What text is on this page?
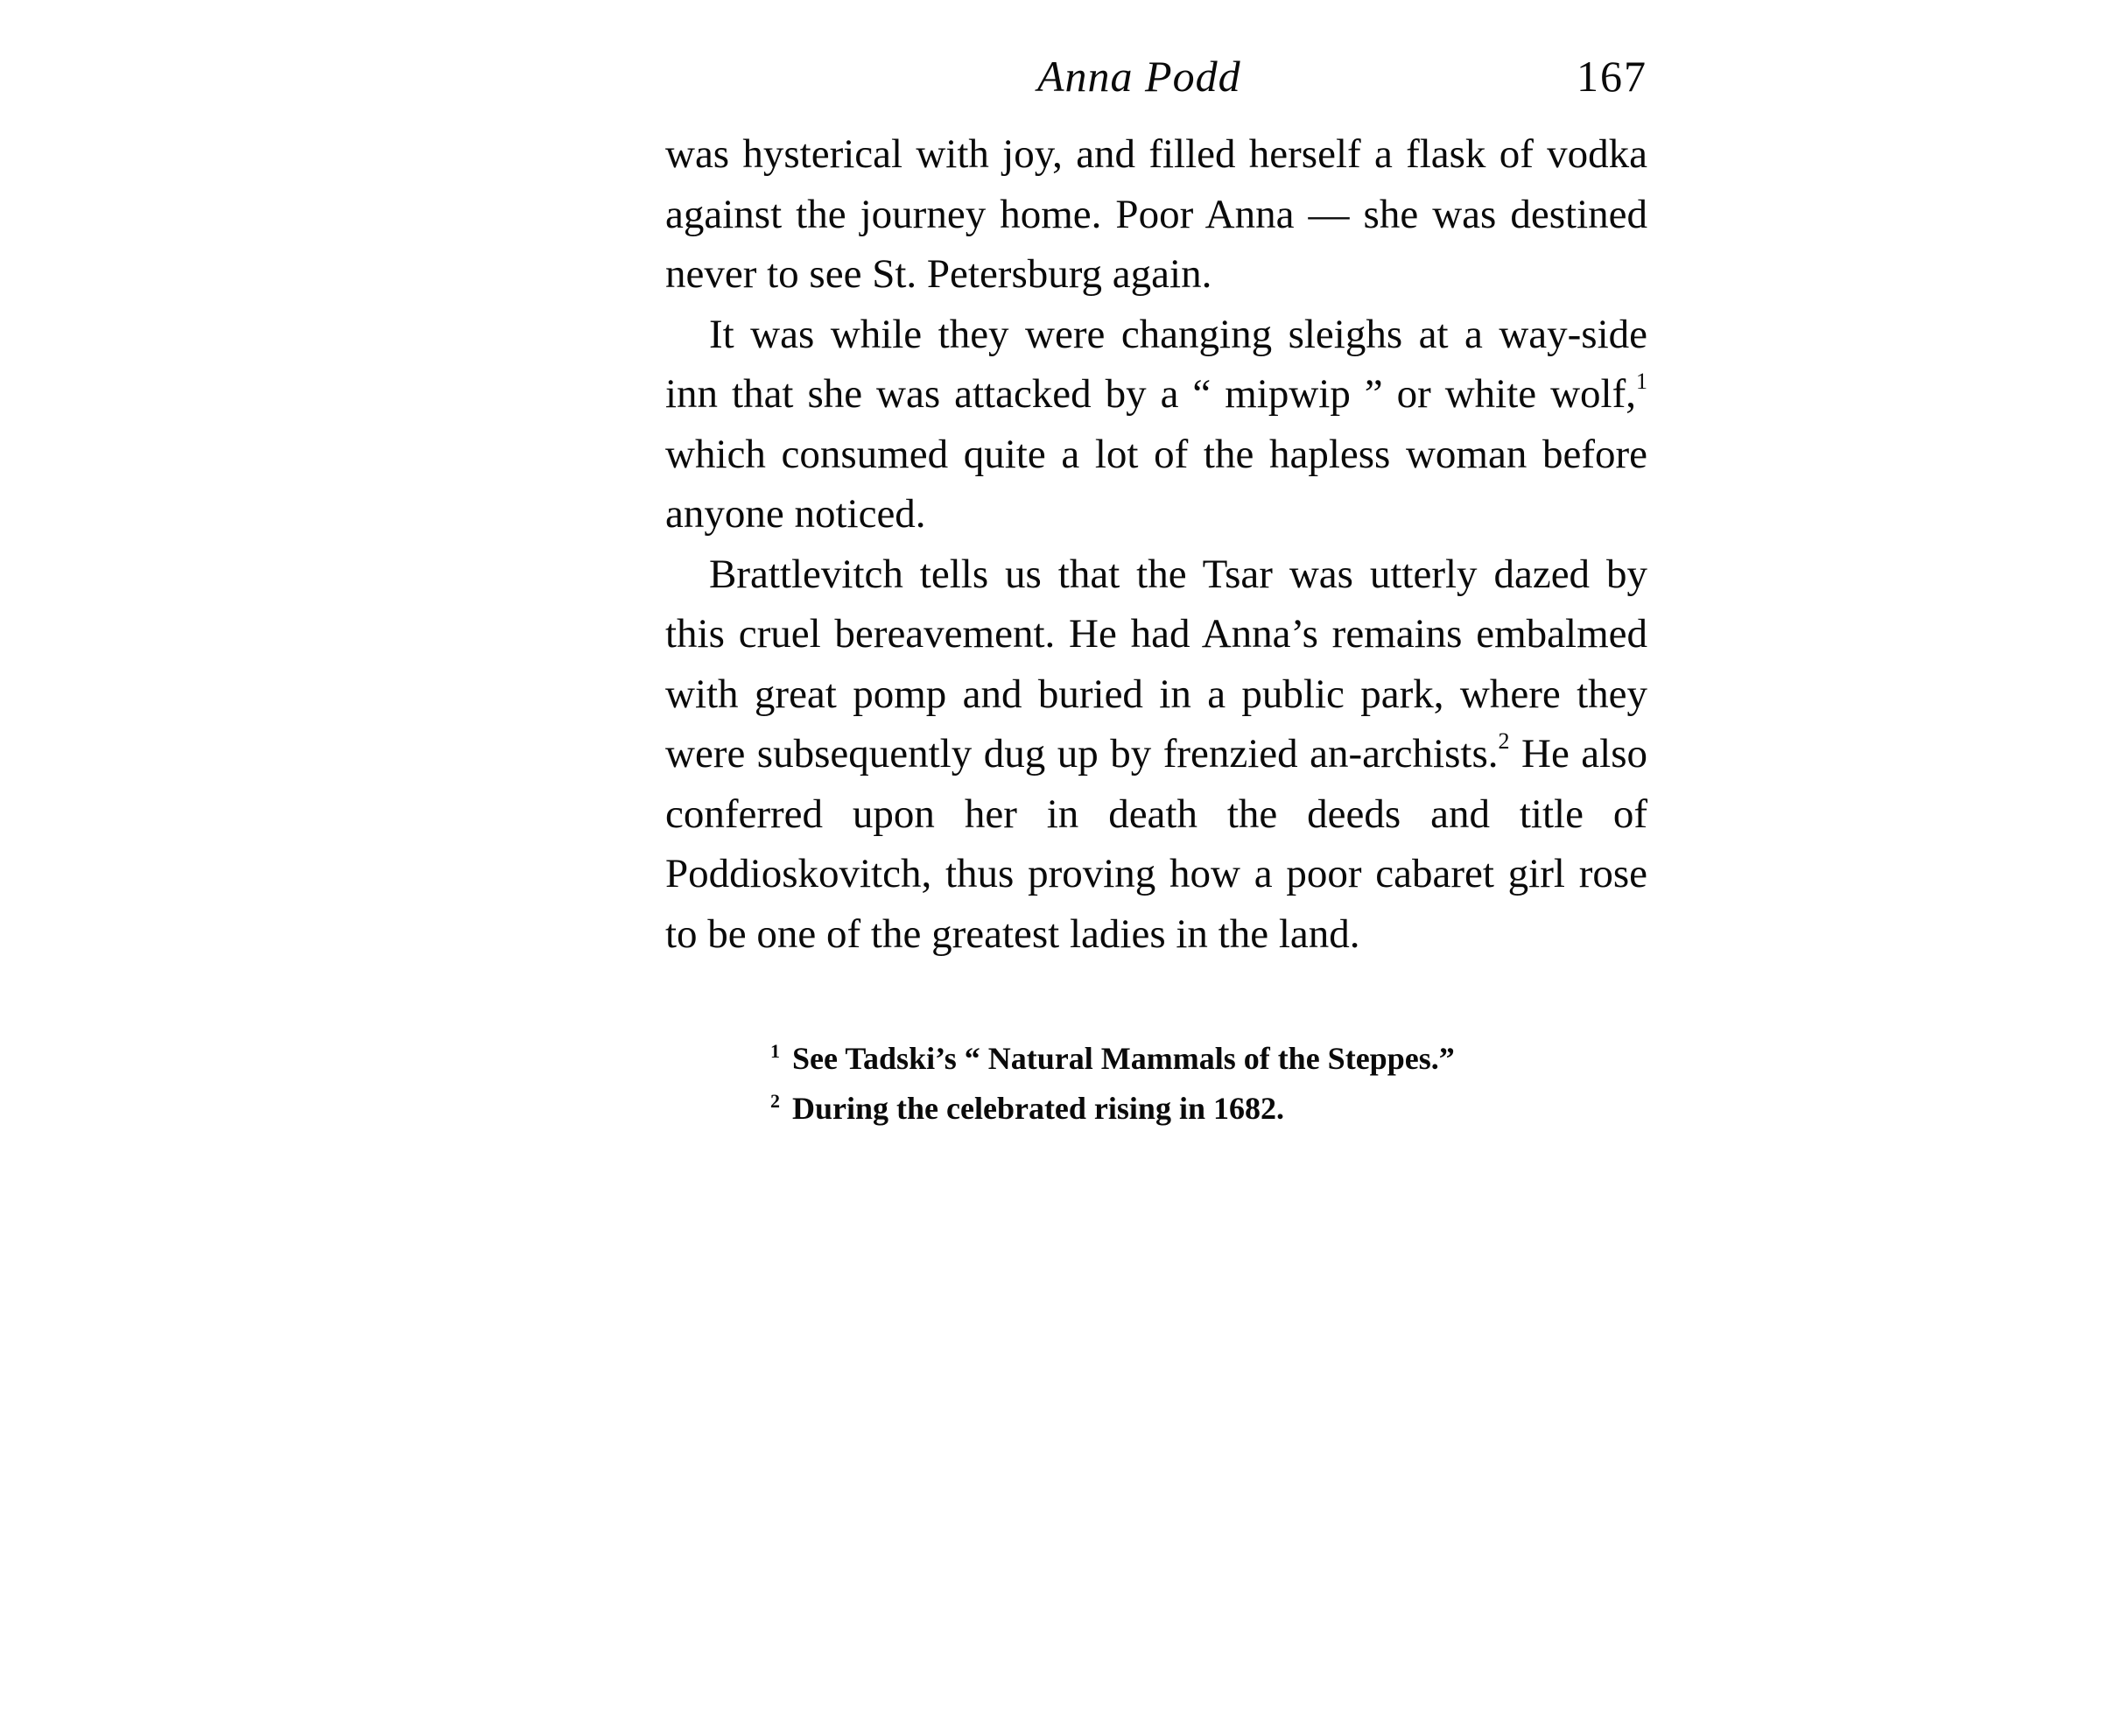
Anna Podd	167

was hysterical with joy, and filled herself a flask of vodka against the journey home. Poor Anna — she was destined never to see St. Petersburg again.

It was while they were changing sleighs at a way-side inn that she was attacked by a “ mipwip ” or white wolf,$^1$ which consumed quite a lot of the hapless woman before anyone noticed.

Brattlevitch tells us that the Tsar was utterly dazed by this cruel bereavement. He had Anna’s remains embalmed with great pomp and buried in a public park, where they were subsequently dug up by frenzied an-archists.$^2$ He also conferred upon her in death the deeds and title of Poddioskovitch, thus proving how a poor cabaret girl rose to be one of the greatest ladies in the land.

$^1$ See Tadski’s “ Natural Mammals of the Steppes.”

$^2$ During the celebrated rising in 1682.
